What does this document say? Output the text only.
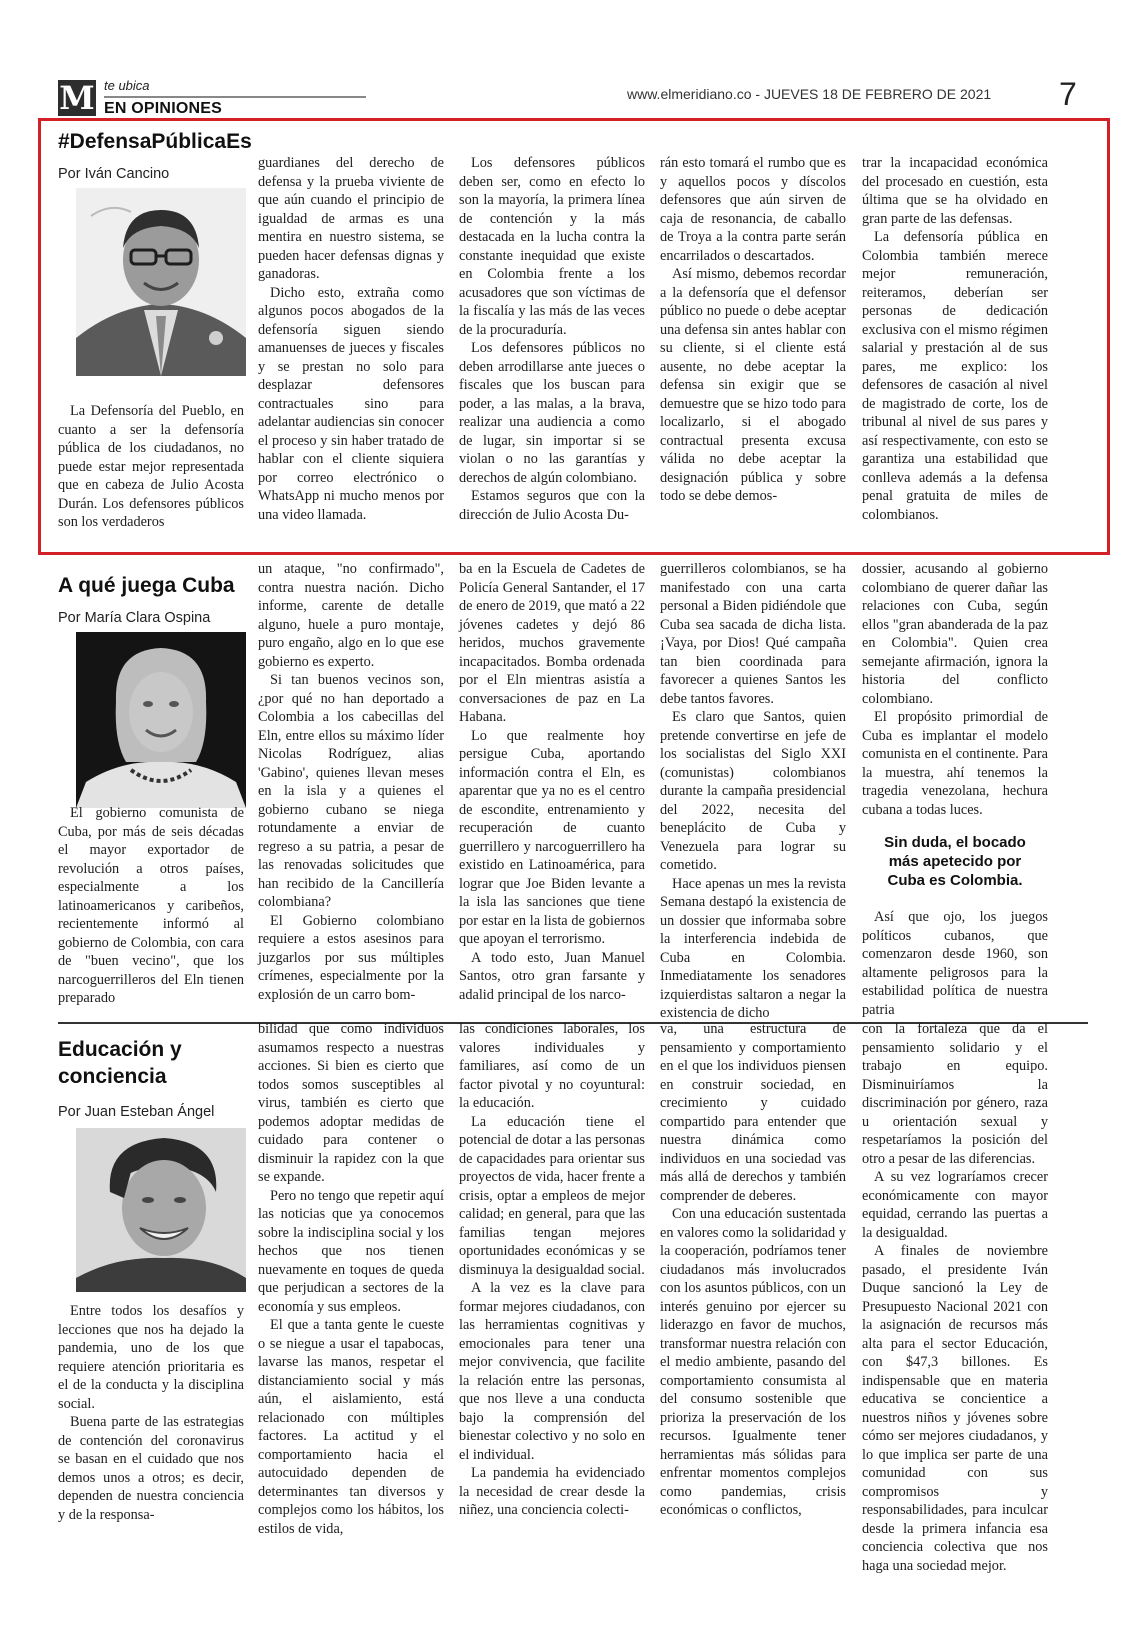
M te ubica
EN OPINIONES
www.elmeridiano.co - JUEVES 18 DE FEBRERO DE 2021 7
#DefensaPúblicaEs
Por Iván Cancino

La Defensoría del Pueblo, en cuanto a ser la defensoría pública de los ciudadanos, no puede estar mejor representada que en cabeza de Julio Acosta Durán. Los defensores públicos son los verdaderos

guardianes del derecho de defensa y la prueba viviente de que aún cuando el principio de igualdad de armas es una mentira en nuestro sistema, se pueden hacer defensas dignas y ganadoras.

Dicho esto, extraña como algunos pocos abogados de la defensoría siguen siendo amanuenses de jueces y fiscales y se prestan no solo para desplazar defensores contractuales sino para adelantar audiencias sin conocer el proceso y sin haber tratado de hablar con el cliente siquiera por correo electrónico o WhatsApp ni mucho menos por una video llamada.

Los defensores públicos deben ser, como en efecto lo son la mayoría, la primera línea de contención y la más destacada en la lucha contra la constante inequidad que existe en Colombia frente a los acusadores que son víctimas de la fiscalía y las más de las veces de la procuraduría.

Los defensores públicos no deben arrodillarse ante jueces o fiscales que los buscan para poder, a las malas, a la brava, realizar una audiencia a como de lugar, sin importar si se violan o no las garantías y derechos de algún colombiano.

Estamos seguros que con la dirección de Julio Acosta Du-

rán esto tomará el rumbo que es y aquellos pocos y díscolos defensores que aún sirven de caja de resonancia, de caballo de Troya a la contra parte serán encarrilados o descartados.

Así mismo, debemos recordar a la defensoría que el defensor público no puede o debe aceptar una defensa sin antes hablar con su cliente, si el cliente está ausente, no debe aceptar la defensa sin exigir que se demuestre que se hizo todo para localizarlo, si el abogado contractual presenta excusa válida no debe aceptar la designación pública y sobre todo se debe demos-

trar la incapacidad económica del procesado en cuestión, esta última que se ha olvidado en gran parte de las defensas.

La defensoría pública en Colombia también merece mejor remuneración, reiteramos, deberían ser personas de dedicación exclusiva con el mismo régimen salarial y prestación al de sus pares, me explico: los defensores de casación al nivel de magistrado de corte, los de tribunal al nivel de sus pares y así respectivamente, con esto se garantiza una estabilidad que conlleva además a la defensa penal gratuita de miles de colombianos.

A qué juega Cuba
Por María Clara Ospina

El gobierno comunista de Cuba, por más de seis décadas el mayor exportador de revolución a otros países, especialmente a los latinoamericanos y caribeños, recientemente informó al gobierno de Colombia, con cara de "buen vecino", que los narcoguerrilleros del Eln tienen preparado

un ataque, "no confirmado", contra nuestra nación. Dicho informe, carente de detalle alguno, huele a puro montaje, puro engaño, algo en lo que ese gobierno es experto.

Si tan buenos vecinos son, ¿por qué no han deportado a Colombia a los cabecillas del Eln, entre ellos su máximo líder Nicolas Rodríguez, alias 'Gabino', quienes llevan meses en la isla y a quienes el gobierno cubano se niega rotundamente a enviar de regreso a su patria, a pesar de las renovadas solicitudes que han recibido de la Cancillería colombiana?

El Gobierno colombiano requiere a estos asesinos para juzgarlos por sus múltiples crímenes, especialmente por la explosión de un carro bom-

ba en la Escuela de Cadetes de Policía General Santander, el 17 de enero de 2019, que mató a 22 jóvenes cadetes y dejó 86 heridos, muchos gravemente incapacitados. Bomba ordenada por el Eln mientras asistía a conversaciones de paz en La Habana.

Lo que realmente hoy persigue Cuba, aportando información contra el Eln, es aparentar que ya no es el centro de escondite, entrenamiento y recuperación de cuanto guerrillero y narcoguerrillero ha existido en Latinoamérica, para lograr que Joe Biden levante a la isla las sanciones que tiene por estar en la lista de gobiernos que apoyan el terrorismo.

A todo esto, Juan Manuel Santos, otro gran farsante y adalid principal de los narco-

guerrilleros colombianos, se ha manifestado con una carta personal a Biden pidiéndole que Cuba sea sacada de dicha lista. ¡Vaya, por Dios! Qué campaña tan bien coordinada para favorecer a quienes Santos les debe tantos favores.

Es claro que Santos, quien pretende convertirse en jefe de los socialistas del Siglo XXI (comunistas) colombianos durante la campaña presidencial del 2022, necesita del beneplácito de Cuba y Venezuela para lograr su cometido.

Hace apenas un mes la revista Semana destapó la existencia de un dossier que informaba sobre la interferencia indebida de Cuba en Colombia. Inmediatamente los senadores izquierdistas saltaron a negar la existencia de dicho

dossier, acusando al gobierno colombiano de querer dañar las relaciones con Cuba, según ellos "gran abanderada de la paz en Colombia". Quien crea semejante afirmación, ignora la historia del conflicto colombiano.

El propósito primordial de Cuba es implantar el modelo comunista en el continente. Para la muestra, ahí tenemos la tragedia venezolana, hechura cubana a todas luces.

Sin duda, el bocado más apetecido por Cuba es Colombia.

Así que ojo, los juegos políticos cubanos, que comenzaron desde 1960, son altamente peligrosos para la estabilidad política de nuestra patria

Educación y
conciencia
Por Juan Esteban Ángel

Entre todos los desafíos y lecciones que nos ha dejado la pandemia, uno de los que requiere atención prioritaria es el de la conducta y la disciplina social.

Buena parte de las estrategias de contención del coronavirus se basan en el cuidado que nos demos unos a otros; es decir, dependen de nuestra conciencia y de la responsa-

bilidad que como individuos asumamos respecto a nuestras acciones. Si bien es cierto que todos somos susceptibles al virus, también es cierto que podemos adoptar medidas de cuidado para contener o disminuir la rapidez con la que se expande.

Pero no tengo que repetir aquí las noticias que ya conocemos sobre la indisciplina social y los hechos que nos tienen nuevamente en toques de queda que perjudican a sectores de la economía y sus empleos.

El que a tanta gente le cueste o se niegue a usar el tapabocas, lavarse las manos, respetar el distanciamiento social y más aún, el aislamiento, está relacionado con múltiples factores. La actitud y el comportamiento hacia el autocuidado dependen de determinantes tan diversos y complejos como los hábitos, los estilos de vida,

las condiciones laborales, los valores individuales y familiares, así como de un factor pivotal y no coyuntural: la educación.

La educación tiene el potencial de dotar a las personas de capacidades para orientar sus proyectos de vida, hacer frente a crisis, optar a empleos de mejor calidad; en general, para que las familias tengan mejores oportunidades económicas y se disminuya la desigualdad social.

A la vez es la clave para formar mejores ciudadanos, con las herramientas cognitivas y emocionales para tener una mejor convivencia, que facilite la relación entre las personas, que nos lleve a una conducta bajo la comprensión del bienestar colectivo y no solo en el individual.

La pandemia ha evidenciado la necesidad de crear desde la niñez, una conciencia colecti-

va, una estructura de pensamiento y comportamiento en el que los individuos piensen en construir sociedad, en crecimiento y cuidado compartido para entender que nuestra dinámica como individuos en una sociedad vas más allá de derechos y también comprender de deberes.

Con una educación sustentada en valores como la solidaridad y la cooperación, podríamos tener ciudadanos más involucrados con los asuntos públicos, con un interés genuino por ejercer su liderazgo en favor de muchos, transformar nuestra relación con el medio ambiente, pasando del comportamiento consumista al del consumo sostenible que prioriza la preservación de los recursos. Igualmente tener herramientas más sólidas para enfrentar momentos complejos como pandemias, crisis económicas o conflictos,

con la fortaleza que da el pensamiento solidario y el trabajo en equipo. Disminuiríamos la discriminación por género, raza u orientación sexual y respetaríamos la posición del otro a pesar de las diferencias.

A su vez lograríamos crecer económicamente con mayor equidad, cerrando las puertas a la desigualdad.

A finales de noviembre pasado, el presidente Iván Duque sancionó la Ley de Presupuesto Nacional 2021 con la asignación de recursos más alta para el sector Educación, con $47,3 billones. Es indispensable que en materia educativa se concientice a nuestros niños y jóvenes sobre cómo ser mejores ciudadanos, y lo que implica ser parte de una comunidad con sus compromisos y responsabilidades, para inculcar desde la primera infancia esa conciencia colectiva que nos haga una sociedad mejor.
